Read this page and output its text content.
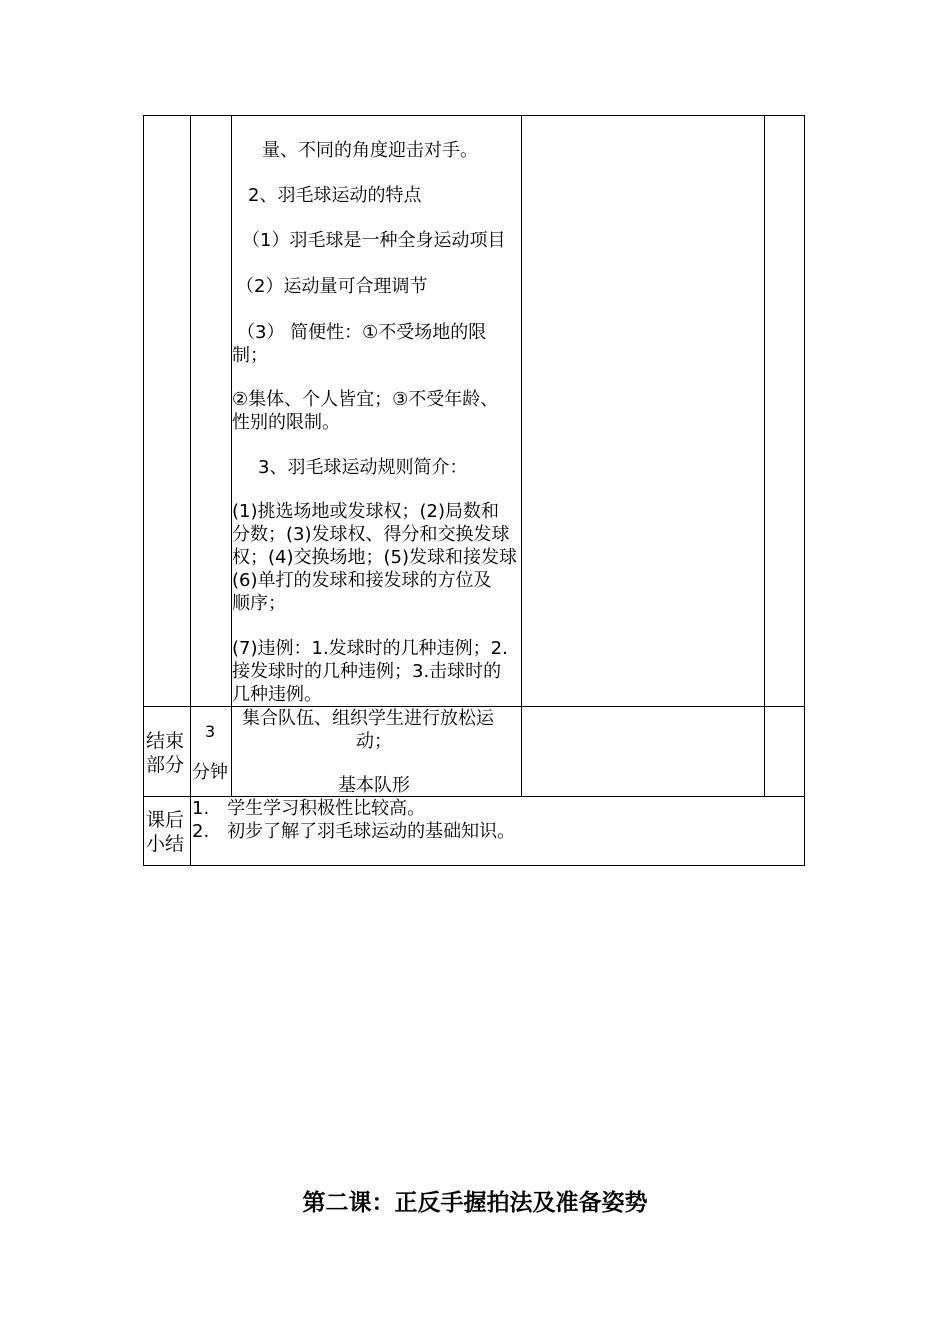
量、不同的角度迎击对手。
2、羽毛球运动的特点
（1）羽毛球是一种全身运动项目
（2）运动量可合理调节
（3） 简便性：①不受场地的限
制；
②集体、个人皆宜；③不受年龄、
性别的限制。
3、羽毛球运动规则简介：
(1)挑选场地或发球权；(2)局数和
分数；(3)发球权、得分和交换发球
权；(4)交换场地；(5)发球和接发球
(6)单打的发球和接发球的方位及
顺序；
(7)违例：1.发球时的几种违例；2.
接发球时的几种违例；3.击球时的
几种违例。
结束部分
3
分钟
集合队伍、组织学生进行放松运
动；
基本队形
课后小结
1.　学生学习积极性比较高。
2.　初步了解了羽毛球运动的基础知识。
第二课：正反手握拍法及准备姿势
